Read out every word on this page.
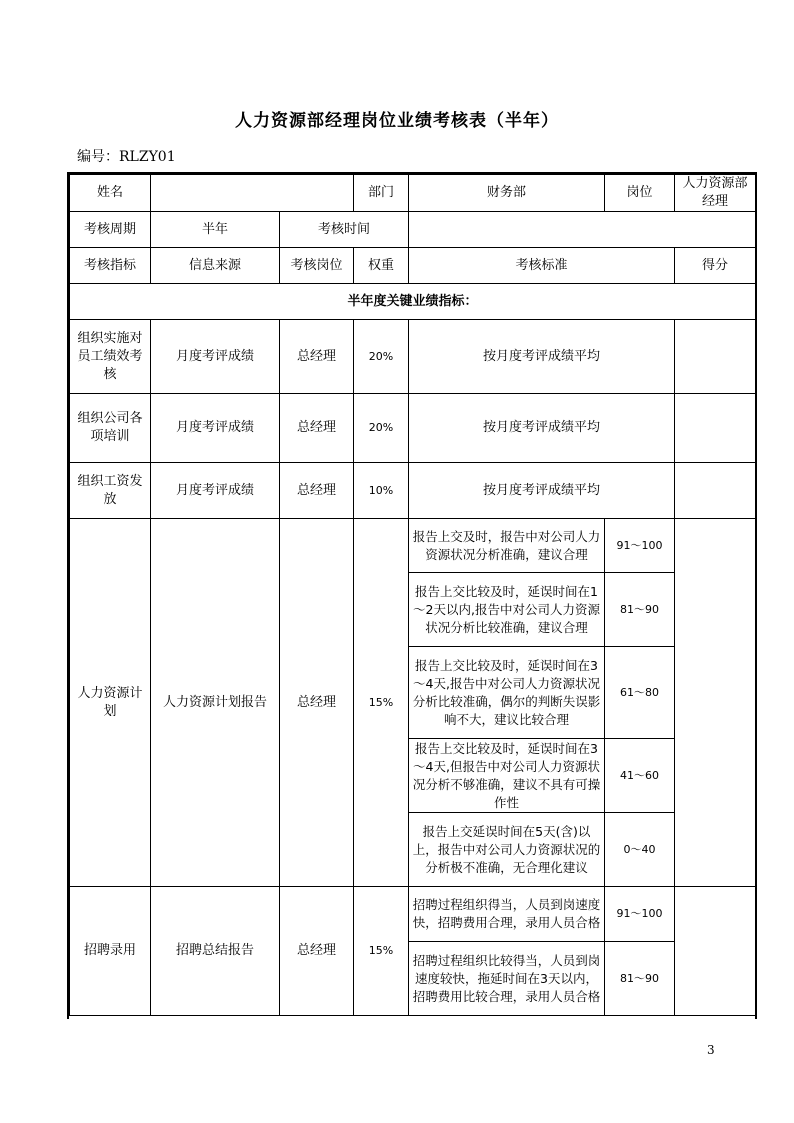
人力资源部经理岗位业绩考核表（半年）
编号：RLZY01
姓名			部门	财务部	岗位	人力资源部经理
考核周期	半年	考核时间				
考核指标	信息来源	考核岗位	权重	考核标准		得分
半年度关键业绩指标：						
组织实施对员工绩效考核	月度考评成绩	总经理	20%	按月度考评成绩平均		
组织公司各项培训	月度考评成绩	总经理	20%	按月度考评成绩平均		
组织工资发放	月度考评成绩	总经理	10%	按月度考评成绩平均		
人力资源计划	人力资源计划报告	总经理	15%	报告上交及时，报告中对公司人力资源状况分析准确，建议合理	91～100	
				报告上交比较及时，延误时间在1～2天以内,报告中对公司人力资源状况分析比较准确，建议合理	81～90	
				报告上交比较及时，延误时间在3～4天,报告中对公司人力资源状况分析比较准确，偶尔的判断失误影响不大，建议比较合理	61～80	
				报告上交比较及时，延误时间在3～4天,但报告中对公司人力资源状况分析不够准确，建议不具有可操作性	41～60	
				报告上交延误时间在5天(含)以上，报告中对公司人力资源状况的分析极不准确，无合理化建议	0～40	
招聘录用	招聘总结报告	总经理	15%	招聘过程组织得当，人员到岗速度快，招聘费用合理，录用人员合格	91～100	
				招聘过程组织比较得当，人员到岗速度较快，拖延时间在3天以内，招聘费用比较合理，录用人员合格	81～90	
3
